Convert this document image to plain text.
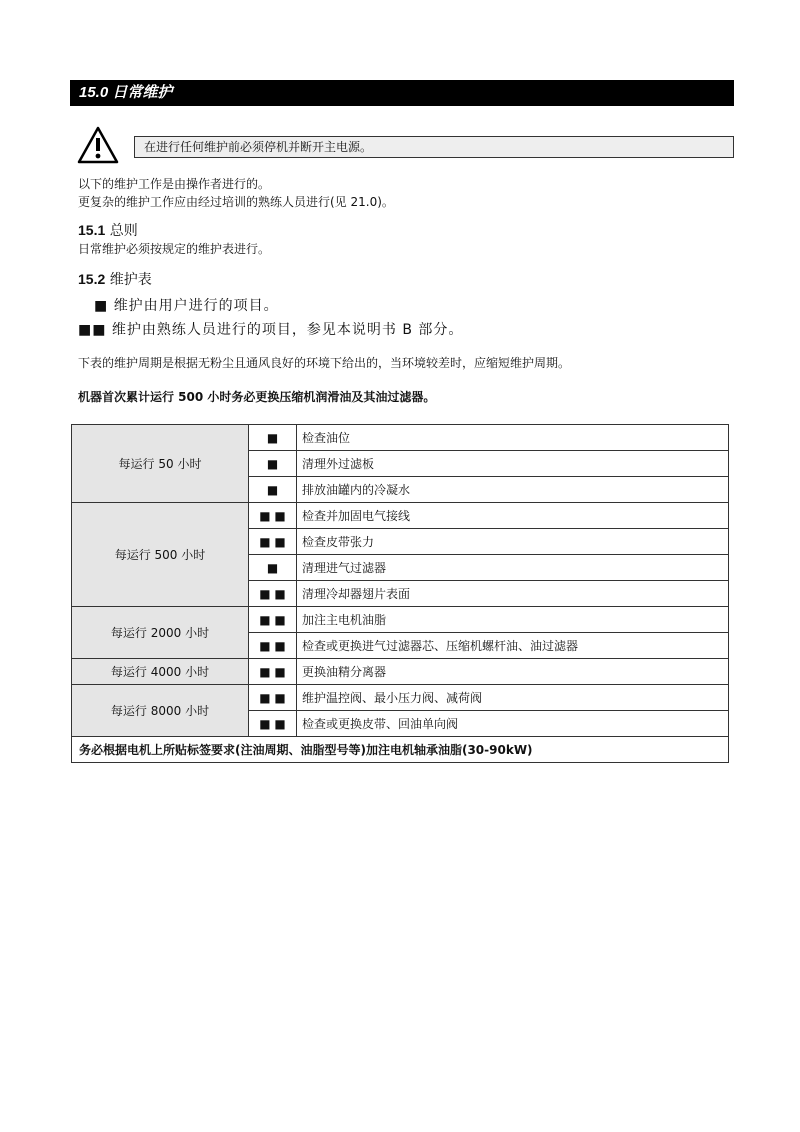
15.0 日常维护
在进行任何维护前必须停机并断开主电源。
以下的维护工作是由操作者进行的。
更复杂的维护工作应由经过培训的熟练人员进行(见 21.0)。
15.1 总则
日常维护必须按规定的维护表进行。
15.2 维护表
■ 维护由用户进行的项目。
■■ 维护由熟练人员进行的项目，参见本说明书 B 部分。
下表的维护周期是根据无粉尘且通风良好的环境下给出的，当环境较差时，应缩短维护周期。
机器首次累计运行 500 小时务必更换压缩机润滑油及其油过滤器。
每运行 50 小时	■	检查油位
	■	清理外过滤板
	■	排放油罐内的冷凝水
每运行 500 小时	■ ■	检查并加固电气接线
	■ ■	检查皮带张力
	■	清理进气过滤器
	■ ■	清理冷却器翅片表面
每运行 2000 小时	■ ■	加注主电机油脂
	■ ■	检查或更换进气过滤器芯、压缩机螺杆油、油过滤器
每运行 4000 小时	■ ■	更换油精分离器
每运行 8000 小时	■ ■	维护温控阀、最小压力阀、减荷阀
	■ ■	检查或更换皮带、回油单向阀
务必根据电机上所贴标签要求(注油周期、油脂型号等)加注电机轴承油脂(30-90kW)		
